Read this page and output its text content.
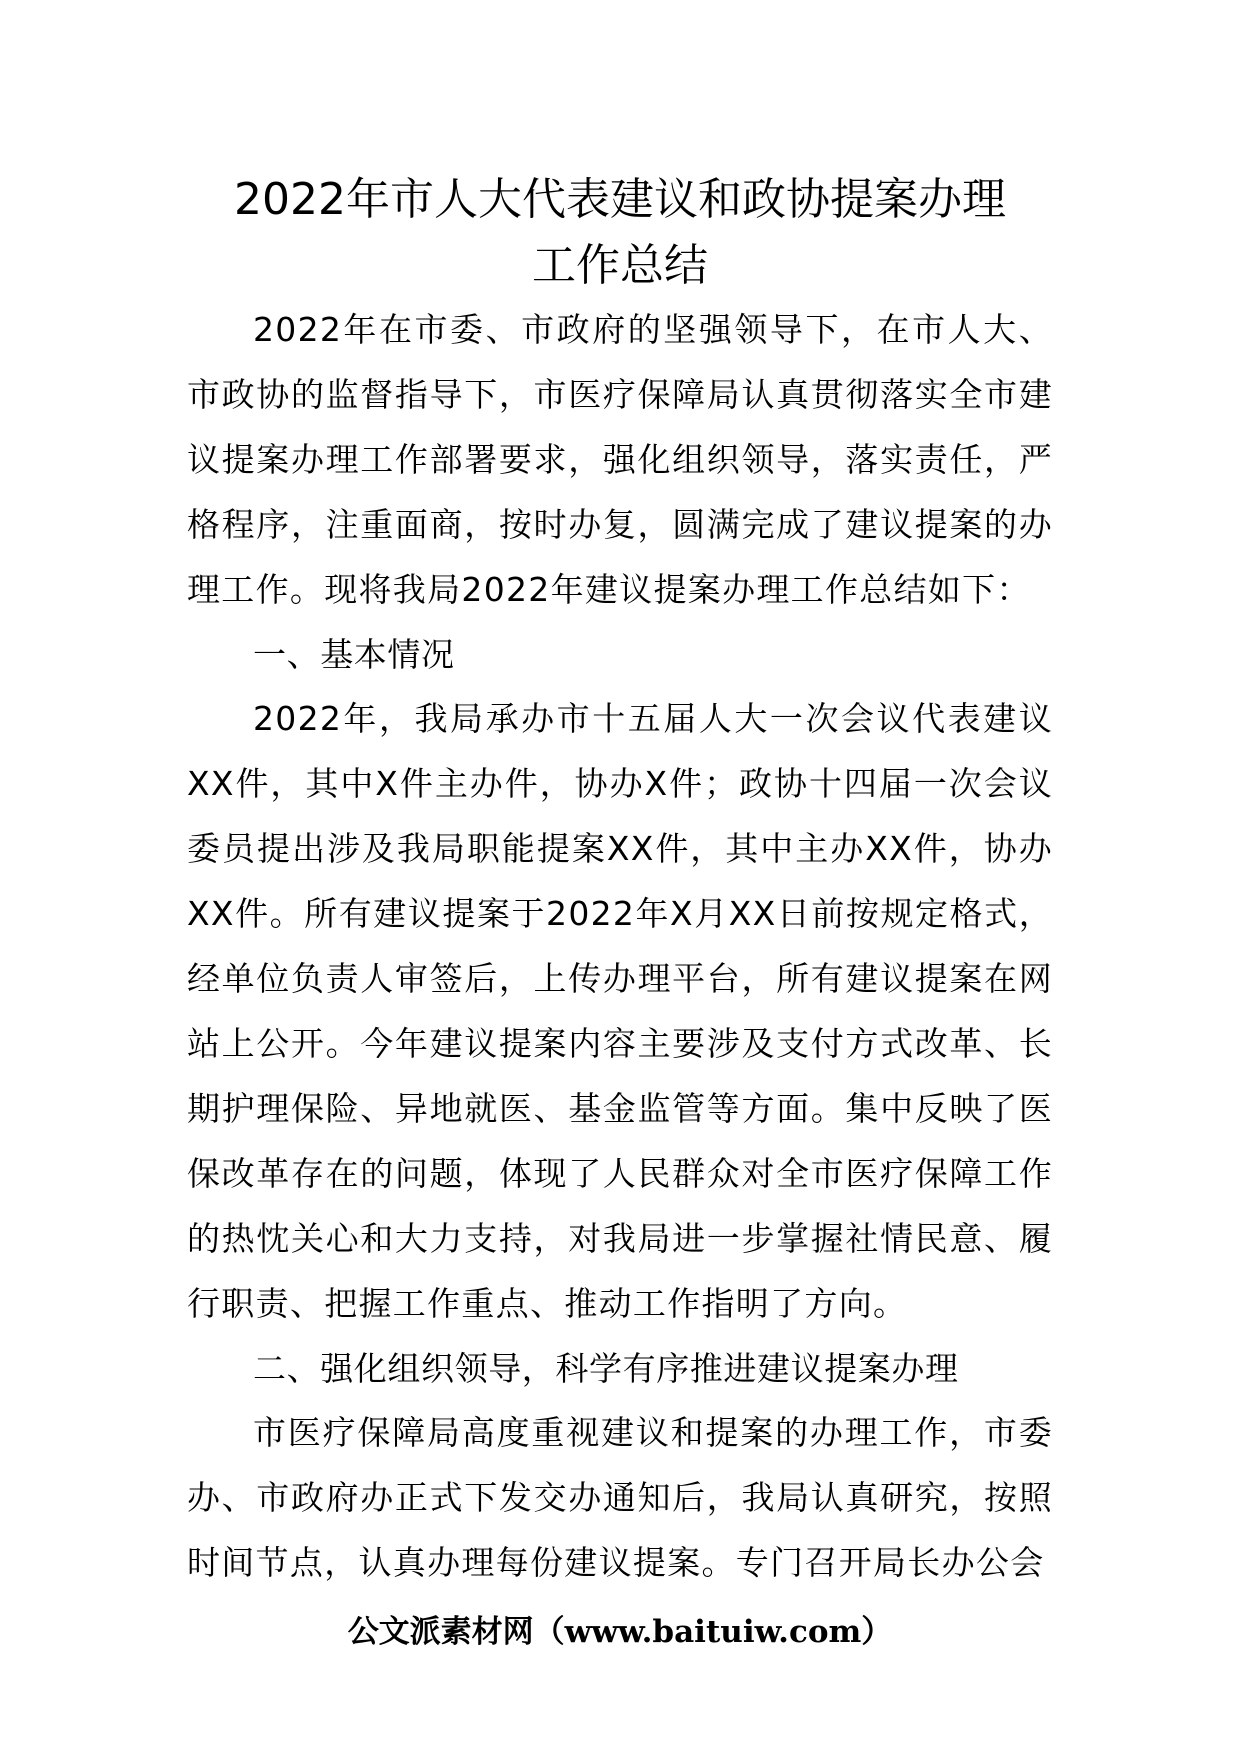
2022年市人大代表建议和政协提案办理
工作总结

2022年在市委、市政府的坚强领导下，在市人大、市政协的监督指导下，市医疗保障局认真贯彻落实全市建议提案办理工作部署要求，强化组织领导，落实责任，严格程序，注重面商，按时办复，圆满完成了建议提案的办理工作。现将我局2022年建议提案办理工作总结如下：

一、基本情况

2022年，我局承办市十五届人大一次会议代表建议XX件，其中X件主办件，协办X件；政协十四届一次会议委员提出涉及我局职能提案XX件，其中主办XX件，协办XX件。所有建议提案于2022年X月XX日前按规定格式，经单位负责人审签后，上传办理平台，所有建议提案在网站上公开。今年建议提案内容主要涉及支付方式改革、长期护理保险、异地就医、基金监管等方面。集中反映了医保改革存在的问题，体现了人民群众对全市医疗保障工作的热忱关心和大力支持，对我局进一步掌握社情民意、履行职责、把握工作重点、推动工作指明了方向。

二、强化组织领导，科学有序推进建议提案办理

市医疗保障局高度重视建议和提案的办理工作，市委办、市政府办正式下发交办通知后，我局认真研究，按照时间节点，认真办理每份建议提案。专门召开局长办公会

公文派素材网（www.baituiw.com）
